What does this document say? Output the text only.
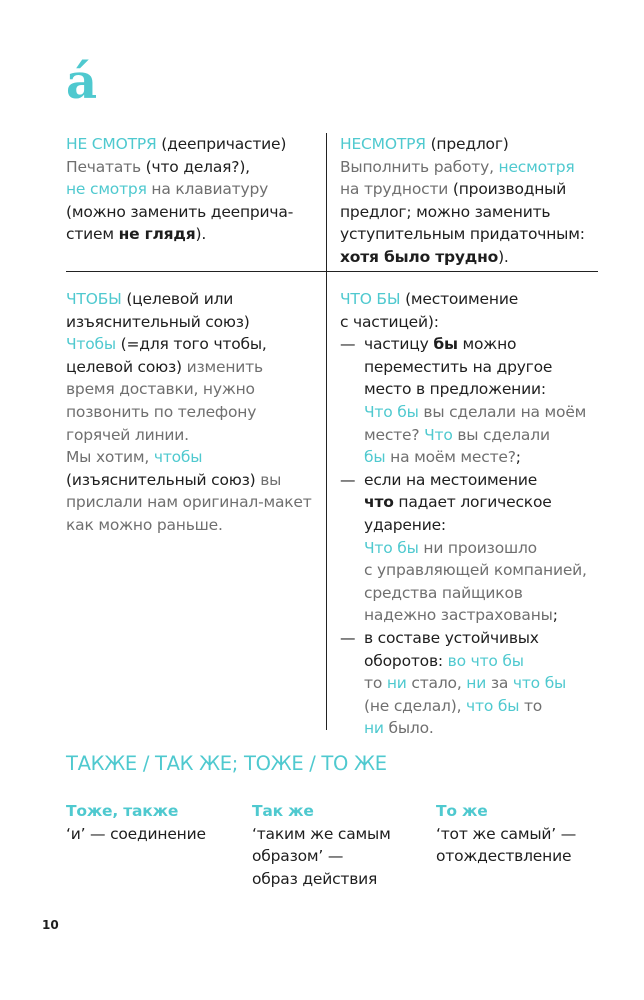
á
НЕ СМОТРЯ (деепричастие)
Печатать (что делая?),
не смотря на клавиатуру
(можно заменить дееприча-
стием не глядя).
НЕСМОТРЯ (предлог)
Выполнить работу, несмотря
на трудности (производный
предлог; можно заменить
уступительным придаточным:
хотя было трудно).
ЧТОБЫ (целевой или
изъяснительный союз)
Чтобы (=для того чтобы,
целевой союз) изменить
время доставки, нужно
позвонить по телефону
горячей линии.
Мы хотим, чтобы
(изъяснительный союз) вы
прислали нам оригинал-макет
как можно раньше.
ЧТО БЫ (местоимение
с частицей):
— частицу бы можно
переместить на другое
место в предложении:
Что бы вы сделали на моём
месте? Что вы сделали
бы на моём месте?;
— если на местоимение
что падает логическое
ударение:
Что бы ни произошло
с управляющей компанией,
средства пайщиков
надежно застрахованы;
— в составе устойчивых
оборотов: во что бы
то ни стало, ни за что бы
(не сделал), что бы то
ни было.
ТАКЖЕ / ТАК ЖЕ; ТОЖЕ / ТО ЖЕ
Тоже, также
‘и’ — соединение
Так же
‘таким же самым
образом’ —
образ действия
То же
‘тот же самый’ —
отождествление
10
